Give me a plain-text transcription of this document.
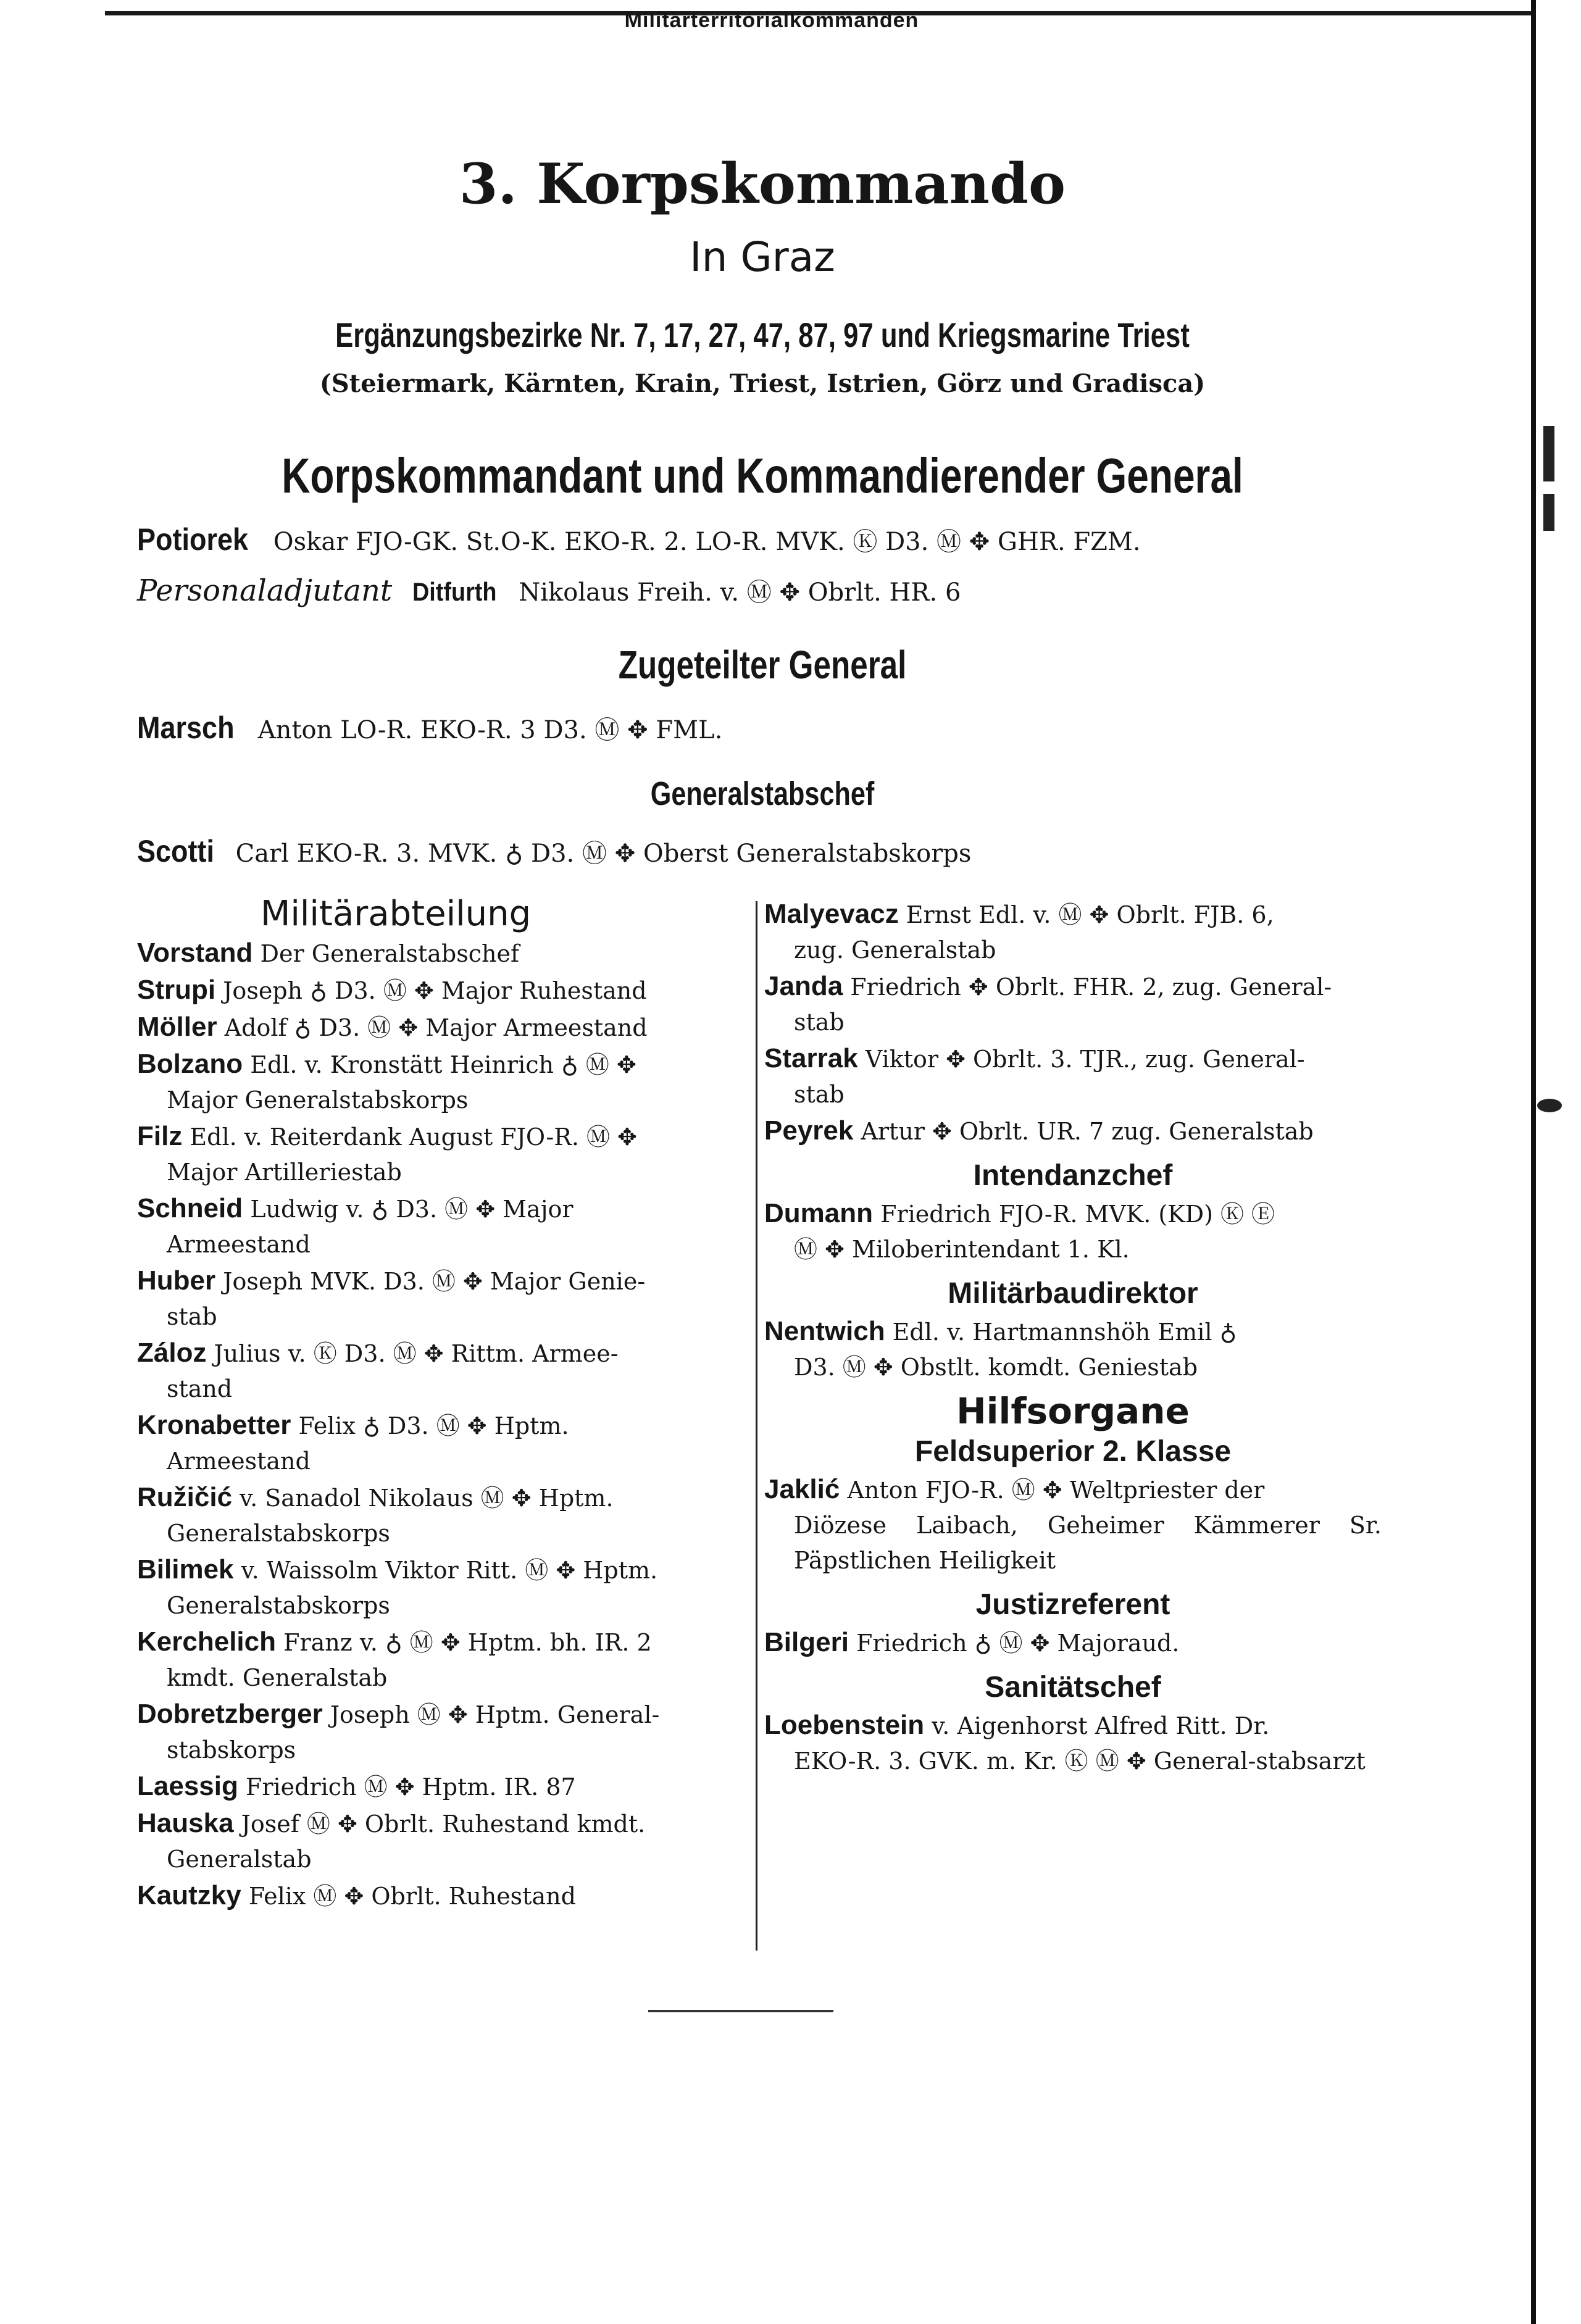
Militärterritorialkommanden
3. Korpskommando
In Graz
Ergänzungsbezirke Nr. 7, 17, 27, 47, 87, 97 und Kriegsmarine Triest
(Steiermark, Kärnten, Krain, Triest, Istrien, Görz und Gradisca)
Korpskommandant und Kommandierender General
Potiorek Oskar FJO-GK. St.O-K. EKO-R. 2. LO-R. MVK. Ⓚ D3. Ⓜ ✥ GHR. FZM.
Personaladjutant Ditfurth Nikolaus Freih. v. Ⓜ ✥ Obrlt. HR. 6
Zugeteilter General
Marsch Anton LO-R. EKO-R. 3 D3. Ⓜ ✥ FML.
Generalstabschef
Scotti Carl EKO-R. 3. MVK. ♁ D3. Ⓜ ✥ Oberst Generalstabskorps
Militärabteilung
Vorstand Der Generalstabschef
Strupi Joseph ♁ D3. Ⓜ ✥ Major Ruhestand
Möller Adolf ♁ D3. Ⓜ ✥ Major Armeestand
Bolzano Edl. v. Kronstätt Heinrich ♁ Ⓜ ✥
Major Generalstabskorps
Filz Edl. v. Reiterdank August FJO-R. Ⓜ ✥
Major Artilleriestab
Schneid Ludwig v. ♁ D3. Ⓜ ✥ Major
Armeestand
Huber Joseph MVK. D3. Ⓜ ✥ Major Genie-
stab
Záloz Julius v. Ⓚ D3. Ⓜ ✥ Rittm. Armee-
stand
Kronabetter Felix ♁ D3. Ⓜ ✥ Hptm.
Armeestand
Ružičić v. Sanadol Nikolaus Ⓜ ✥ Hptm.
Generalstabskorps
Bilimek v. Waissolm Viktor Ritt. Ⓜ ✥ Hptm.
Generalstabskorps
Kerchelich Franz v. ♁ Ⓜ ✥ Hptm. bh. IR. 2
kmdt. Generalstab
Dobretzberger Joseph Ⓜ ✥ Hptm. General-
stabskorps
Laessig Friedrich Ⓜ ✥ Hptm. IR. 87
Hauska Josef Ⓜ ✥ Obrlt. Ruhestand kmdt.
Generalstab
Kautzky Felix Ⓜ ✥ Obrlt. Ruhestand
Malyevacz Ernst Edl. v. Ⓜ ✥ Obrlt. FJB. 6,
zug. Generalstab
Janda Friedrich ✥ Obrlt. FHR. 2, zug. General-
stab
Starrak Viktor ✥ Obrlt. 3. TJR., zug. General-
stab
Peyrek Artur ✥ Obrlt. UR. 7 zug. Generalstab
Intendanzchef
Dumann Friedrich FJO-R. MVK. (KD) Ⓚ Ⓔ
Ⓜ ✥ Miloberintendant 1. Kl.
Militärbaudirektor
Nentwich Edl. v. Hartmannshöh Emil ♁
D3. Ⓜ ✥ Obstlt. komdt. Geniestab
Hilfsorgane
Feldsuperior 2. Klasse
Jaklić Anton FJO-R. Ⓜ ✥ Weltpriester der
Diözese Laibach, Geheimer Kämmerer Sr. Päpstlichen Heiligkeit
Justizreferent
Bilgeri Friedrich ♁ Ⓜ ✥ Majoraud.
Sanitätschef
Loebenstein v. Aigenhorst Alfred Ritt. Dr.
EKO-R. 3. GVK. m. Kr. Ⓚ Ⓜ ✥ General-stabsarzt
